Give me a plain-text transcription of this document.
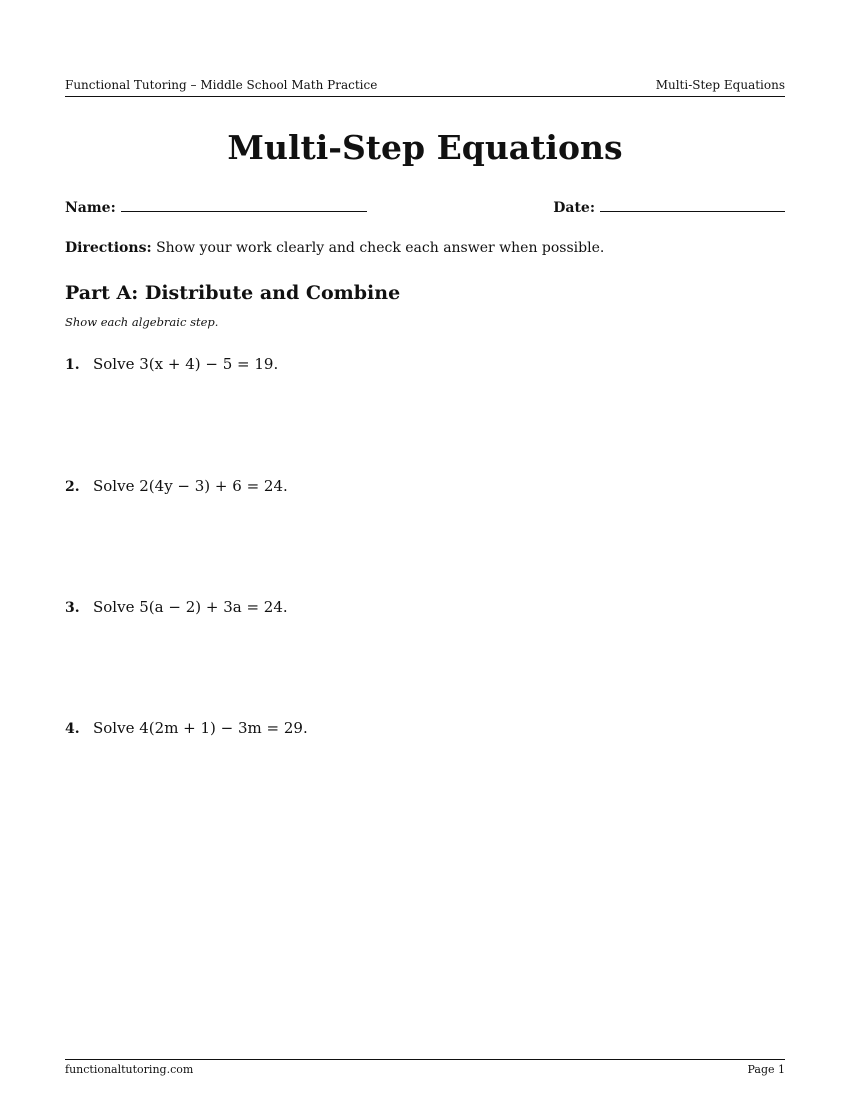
Functional Tutoring – Middle School Math Practice	Multi-Step Equations
Multi-Step Equations
Name:	Date:
Directions: Show your work clearly and check each answer when possible.
Part A: Distribute and Combine
Show each algebraic step.
1. Solve
3(x + 4) − 5 = 19.
2. Solve
2(4y − 3) + 6 = 24.
3. Solve
5(a − 2) + 3a = 24.
4. Solve
4(2m + 1) − 3m = 29.
functionaltutoring.com	Page 1
